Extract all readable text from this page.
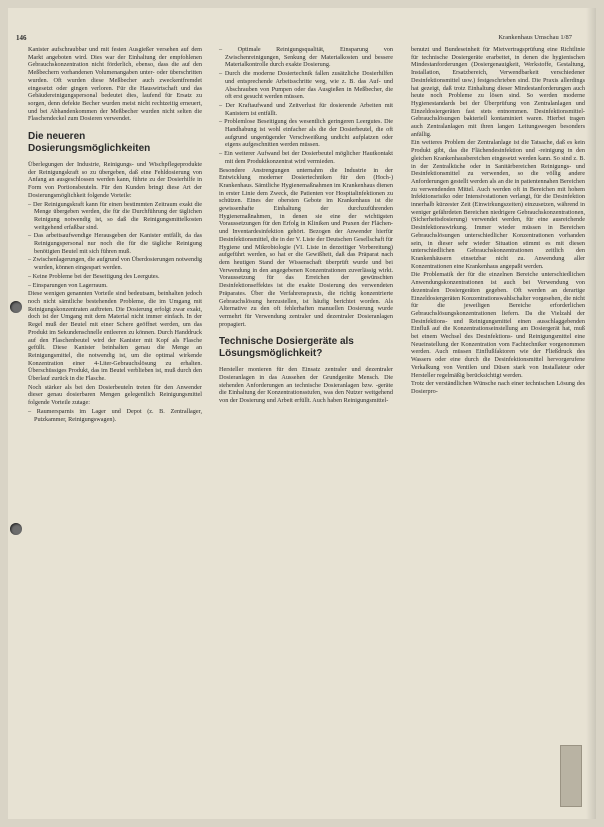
146	Krankenhaus Umschau 1/87

Kanister aufschraubbar und mit festen Ausgießer versehen auf dem Markt angeboten wird. Dies war der Einhaltung der empfohlenen Gebrauchskonzentration nicht förderlich, ebenso, dass die auf den Meßbechern vorhandenen Volumenangaben unter- oder überschritten wurden. Oft wurden diese Meßbecher auch zweckentfremdet eingesetzt oder gingen verloren. Für die Hauswirtschaft und das Gebäudereinigungspersonal bedeutet dies, laufend für Ersatz zu sorgen, denn defekte Becher wurden meist nicht rechtzeitig erneuert, und bei Abhandenkommen der Meßbecher wurden nicht selten die Flaschendeckel zum Dosieren verwendet.

Die neueren Dosierungsmöglichkeiten

Überlegungen der Industrie, Reinigungs- und Wischpflegeprodukte der Reinigungskraft so zu übergeben, daß eine Fehldosierung von Anfang an ausgeschlossen werden kann, führte zu der Dosierhilfe in Form von Portionsbeuteln. Für den Kunden bringt diese Art der Dosierungsmöglichkeit folgende Vorteile:

– Der Reinigungskraft kann für einen bestimmten Zeitraum exakt die Menge übergeben werden, die für die Durchführung der täglichen Reinigung notwendig ist, so daß die Reinigungsmittelkosten weitgehend erfaßbar sind.
– Das arbeitsaufwendige Herausgeben der Kanister entfällt, da das Reinigungspersonal nur noch die für die tägliche Reinigung benötigten Beutel mit sich führen muß.
– Zwischenlagerungen, die aufgrund von Überdosierungen notwendig wurden, können eingespart werden.
– Keine Probleme bei der Beseitigung des Leergutes.
– Einsparungen von Lagerraum.

Diese wenigen genannten Vorteile sind bedeutsam, beinhalten jedoch noch nicht sämtliche bestehenden Probleme, die im Umgang mit Reinigungskonzentraten auftreten. Die Dosierung erfolgt zwar exakt, doch ist der Umgang mit dem Material nicht immer einfach. In der Regel muß der Beutel mit einer Schere geöffnet werden, um das Produkt im Sekundenschnelle entleeren zu können. Durch Handdruck auf den Flaschenbeutel wird der Kanister mit Kopf als Flasche gefüllt. Diese Kanister beinhalten genau die Menge an Reinigungsmittel, die notwendig ist, um die optimal wirkende Konzentration einer 4-Liter-Gebrauchslösung zu erhalten. Überschüssiges Produkt, das im Beutel verblieben ist, muß durch den Überlauf zurück in die Flasche.

Noch stärker als bei den Dosierbeuteln treten für den Anwender dieser genau dosierbaren Mengen gelegentlich Reinigungsmittel folgende Vorteile zutage:

– Raumersparnis im Lager und Depot (z. B. Zentrallager, Putzkammer, Reinigungswagen).
– Optimale Reinigungsqualität, Einsparung von Zwischenreinigungen, Senkung der Materialkosten und bessere Materialkontrolle durch exakte Dosierung.
– Durch die moderne Dosiertechnik fallen zusätzliche Dosierhilfen und entsprechende Arbeitsschritte weg, wie z. B. das Auf- und Abschrauben von Pumpen oder das Ausgießen in Meßbecher, die oft erst gesucht werden müssen.
– Der Kraftaufwand und Zeitverlust für dosierende Arbeiten mit Kanistern ist entfällt.
– Problemlose Beseitigung des wesentlich geringeren Leergutes. Die Handhabung ist wohl einfacher als die der Dosierbeutel, die oft aufgrund ungenügender Verschweißung undicht aufplatzen oder eigens aufgeschnitten werden müssen.
– Ein weiterer Aufwand bei der Dosierbeutel möglicher Hautkontakt mit dem Produktkonzentrat wird vermieden.

Besondere Anstrengungen unternahm die Industrie in der Entwicklung moderner Dosiertechniken für den (Hoch-) Krankenhaus. Sämtliche Hygienemaßnahmen im Krankenhaus dienen in erster Linie dem Zweck, die Patienten vor Hospitalinfektionen zu schützen. Eines der obersten Gebote im Krankenhaus ist die gewissenhafte Einhaltung der durchzuführenden Hygienemaßnahmen, in denen sie eine der wichtigsten Voraussetzungen für den Erfolg in Kliniken und Praxen der Flächen- und Inventardesinfektion gehört. Bezogen der Anwender hierfür Desinfektionsmittel, die in der V. Liste der Deutschen Gesellschaft für Hygiene und Mikrobiologie (VI. Liste in derzeitiger Vorbereitung) aufgeführt werden, so hat er die Gewißheit, daß das Präparat nach dem heutigen Stand der Wissenschaft überprüft wurde und bei Verwendung in den angegebenen Konzentrationen zuverlässig wirkt. Voraussetzung für das Erreichen der gewünschten Desinfektionseffektes ist die exakte Dosierung des verwendeten Präparates. Über die Verfahrenspraxis, die richtig konzentrierte Gebrauchslösung herzustellen, ist häufig berichtet worden. Als Alternative zu den oft fehlerhaften manuellen Dosierung wurde vermehrt für Verwendung zentraler und dezentraler Dosieranlagen propagiert.

Technische Dosiergeräte als Lösungsmöglichkeit?

Hersteller monieren für den Einsatz zentraler und dezentraler Dosieranlagen in das Aussehen der Grundgeräte Mensch. Die stehenden Anforderungen an technische Dosieranlagen bzw. -geräte die Einhaltung der Konzentrationsstufen, was den Nutzer weitgehend von der Dosierung und Arbeit erfüllt. Auch haben Reinigungsmittel-

benutzt und Bundeseinheit für Mietvertragsprüfung eine Richtlinie für technische Dosiergeräte erarbeitet, in denen die hygienischen Mindestanforderungen (Dosiergenauigkeit, Werkstoffe, Gestaltung, Installation, Ersatzbereich, Verwendbarkeit verschiedener Desinfektionsmittel usw.) festgeschrieben sind. Die Praxis allerdings hat gezeigt, daß trotz Einhaltung dieser Mindestanforderungen auch heute noch Probleme zu lösen sind. So werden moderne Hygienestandards bei der Überprüfung von Zentralanlagen und Einzeldosiergeräten fast stets entnommen. Desinfektionsmittel-Gebrauchslösungen bakteriell kontaminiert waren. Hierbei tragen auch Zentralanlagen mit ihren langen Leitungswegen besonders anfällig.

Ein weiteres Problem der Zentralanlage ist die Tatsache, daß es kein Produkt gibt, das die Flächendesinfektion und -reinigung in den gleichen Krankenhausbereichen eingesetzt werden kann. So sind z. B. in der Zentralküche oder in Sanitärbereichen Reinigungs- und Desinfektionsmittel zu verwenden, so die völlig andere Anforderungen gestellt werden als an die in patientennahen Bereichen zu verwendenden Mittel. Auch werden oft in Bereichen mit hohem Infektionsrisiko oder Intensivstationen verlangt, für die Desinfektion innerhalb kürzester Zeit (Einwirkungszeiten) einzusetzen, während in weniger gefährdeten Bereichen niedrigere Gebrauchskonzentrationen, (Sicherheitsdosierung) verwendet werden, für eine ausreichende Desinfektionswirkung. Immer wieder müssen in Bereichen Gebrauchslösungen unterschiedlicher Konzentrationen vorhanden sein, in dieser sehr wieder Situation stimmt es mit diesen unterschiedlichen Gebrauchskonzentrationen zeitlich den Krankenhäusern einsetzbar nicht zu. Anwendung aller Konzentrationen eine Krankenhaus angepaßt werden.

Die Problematik der für die einzelnen Bereiche unterschiedlichen Anwendungskonzentrationen ist auch bei Verwendung von dezentralen Dosiergeräten gegeben. Oft werden an derartige Einzeldosiergeräten Konzentrationswahlschalter vorgesehen, die nicht für die jeweiligen Bereiche erforderlichen Gebrauchslösungskonzentrationen liefern. Da die Vielzahl der Desinfektions- und Reinigungsmittel einen ausschlaggebenden Einfluß auf die Konzentrationseinstellung am Dosiergerät hat, muß bei einem Wechsel des Desinfektions- und Reinigungsmittel eine Neueinstellung der Konzentration vom Fachtechniker vorgenommen werden. Auch müssen Einflußfaktoren wie der Fließdruck des Wassers oder eine durch die Desinfektionsmittel hervorgerufene Verkalkung von Ventilen und Düsen stark von Installateur oder Hersteller regelmäßig berücksichtigt werden.

Trotz der verständlichen Wünsche nach einer technischen Lösung des Dosierpro-
